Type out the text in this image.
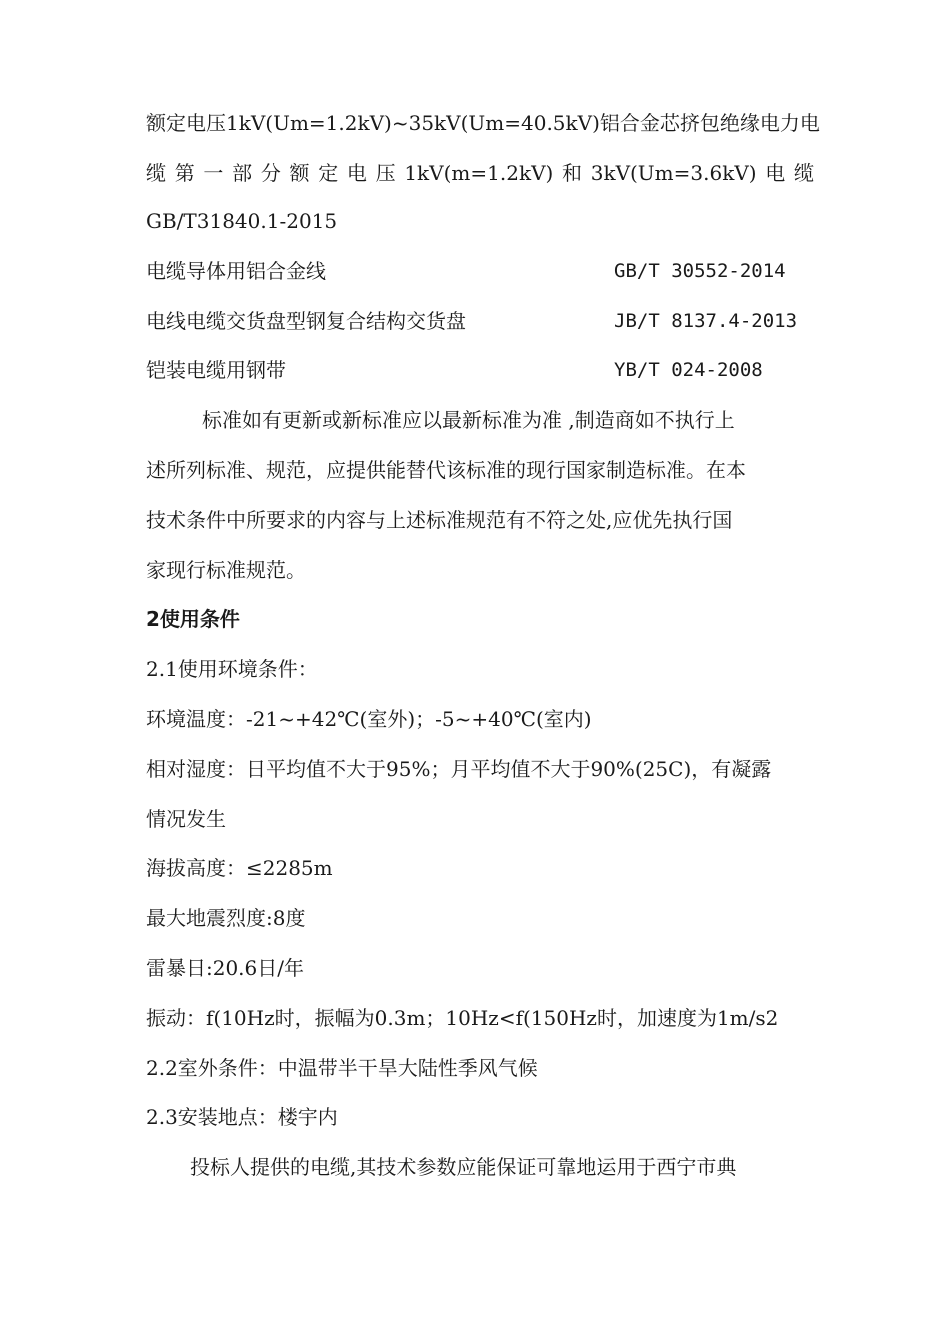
额定电压1kV(Um=1.2kV)~35kV(Um=40.5kV)铝合金芯挤包绝缘电力电
缆 第 一 部 分 额 定 电 压 1kV(m=1.2kV) 和 3kV(Um=3.6kV) 电 缆
GB/T31840.1-2015
电缆导体用铝合金线	GB/T 30552-2014
电线电缆交货盘型钢复合结构交货盘	JB/T 8137.4-2013
铠装电缆用钢带	YB/T 024-2008
标准如有更新或新标准应以最新标准为准 ,制造商如不执行上
述所列标准、规范，应提供能替代该标准的现行国家制造标准。在本
技术条件中所要求的内容与上述标准规范有不符之处,应优先执行国
家现行标准规范。
2使用条件
2.1使用环境条件：
环境温度：-21~+42℃(室外)；-5~+40℃(室内)
相对湿度：日平均值不大于95%；月平均值不大于90%(25C)，有凝露
情况发生
海拔高度：≤2285m
最大地震烈度:8度
雷暴日:20.6日/年
振动：f(10Hz时，振幅为0.3m；10Hz<f(150Hz时，加速度为1m/s2
2.2室外条件：中温带半干旱大陆性季风气候
2.3安装地点：楼宇内
投标人提供的电缆,其技术参数应能保证可靠地运用于西宁市典
